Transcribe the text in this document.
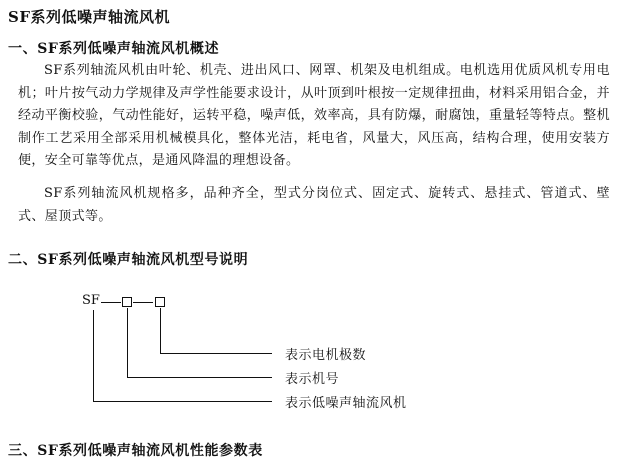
SF系列低噪声轴流风机
一、SF系列低噪声轴流风机概述
SF系列轴流风机由叶轮、机壳、进出风口、网罩、机架及电机组成。电机选用优质风机专用电机；叶片按气动力学规律及声学性能要求设计，从叶顶到叶根按一定规律扭曲，材料采用铝合金，并经动平衡校验，气动性能好，运转平稳，噪声低，效率高，具有防爆，耐腐蚀，重量轻等特点。整机制作工艺采用全部采用机械模具化，整体光洁，耗电省，风量大，风压高，结构合理，使用安装方便，安全可靠等优点，是通风降温的理想设备。
SF系列轴流风机规格多，品种齐全，型式分岗位式、固定式、旋转式、悬挂式、管道式、壁式、屋顶式等。
二、SF系列低噪声轴流风机型号说明
SF
表示电机极数
表示机号
表示低噪声轴流风机
三、SF系列低噪声轴流风机性能参数表
